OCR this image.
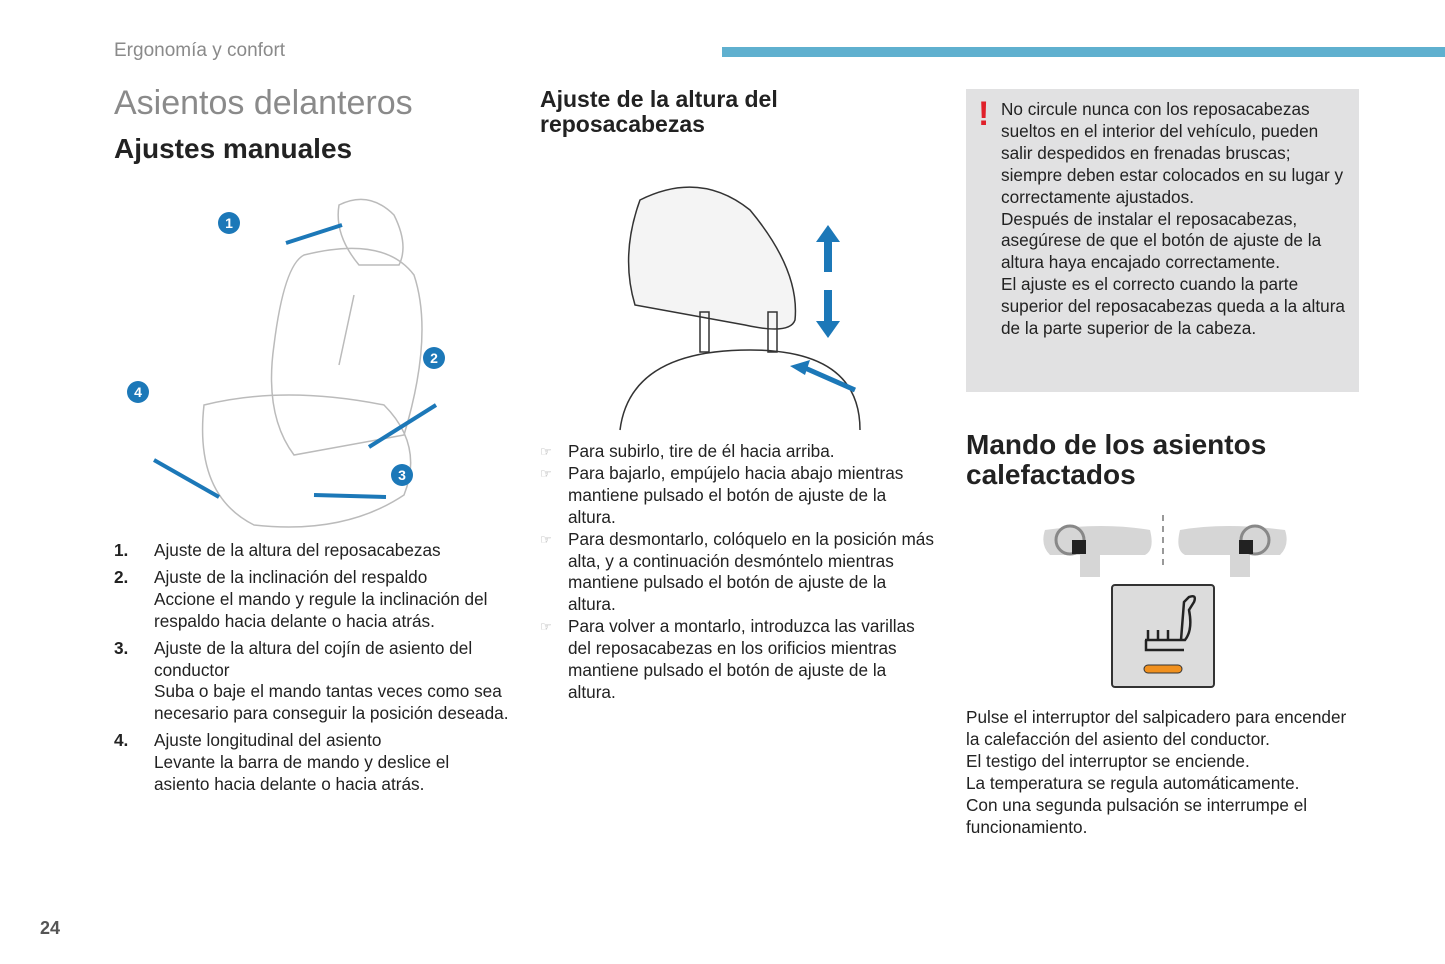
Ergonomía y confort
Asientos delanteros
Ajustes manuales
1
2
3
4
1. Ajuste de la altura del reposacabezas
2. Ajuste de la inclinación del respaldo
Accione el mando y regule la inclinación del respaldo hacia delante o hacia atrás.
3. Ajuste de la altura del cojín de asiento del conductor
Suba o baje el mando tantas veces como sea necesario para conseguir la posición deseada.
4. Ajuste longitudinal del asiento
Levante la barra de mando y deslice el asiento hacia delante o hacia atrás.
Ajuste de la altura del reposacabezas
☞ Para subirlo, tire de él hacia arriba.
☞ Para bajarlo, empújelo hacia abajo mientras mantiene pulsado el botón de ajuste de la altura.
☞ Para desmontarlo, colóquelo en la posición más alta, y a continuación desmóntelo mientras mantiene pulsado el botón de ajuste de la altura.
☞ Para volver a montarlo, introduzca las varillas del reposacabezas en los orificios mientras mantiene pulsado el botón de ajuste de la altura.
! No circule nunca con los reposacabezas sueltos en el interior del vehículo, pueden salir despedidos en frenadas bruscas; siempre deben estar colocados en su lugar y correctamente ajustados.
Después de instalar el reposacabezas, asegúrese de que el botón de ajuste de la altura haya encajado correctamente.
El ajuste es el correcto cuando la parte superior del reposacabezas queda a la altura de la parte superior de la cabeza.
Mando de los asientos calefactados
Pulse el interruptor del salpicadero para encender la calefacción del asiento del conductor.
El testigo del interruptor se enciende.
La temperatura se regula automáticamente.
Con una segunda pulsación se interrumpe el funcionamiento.
24
